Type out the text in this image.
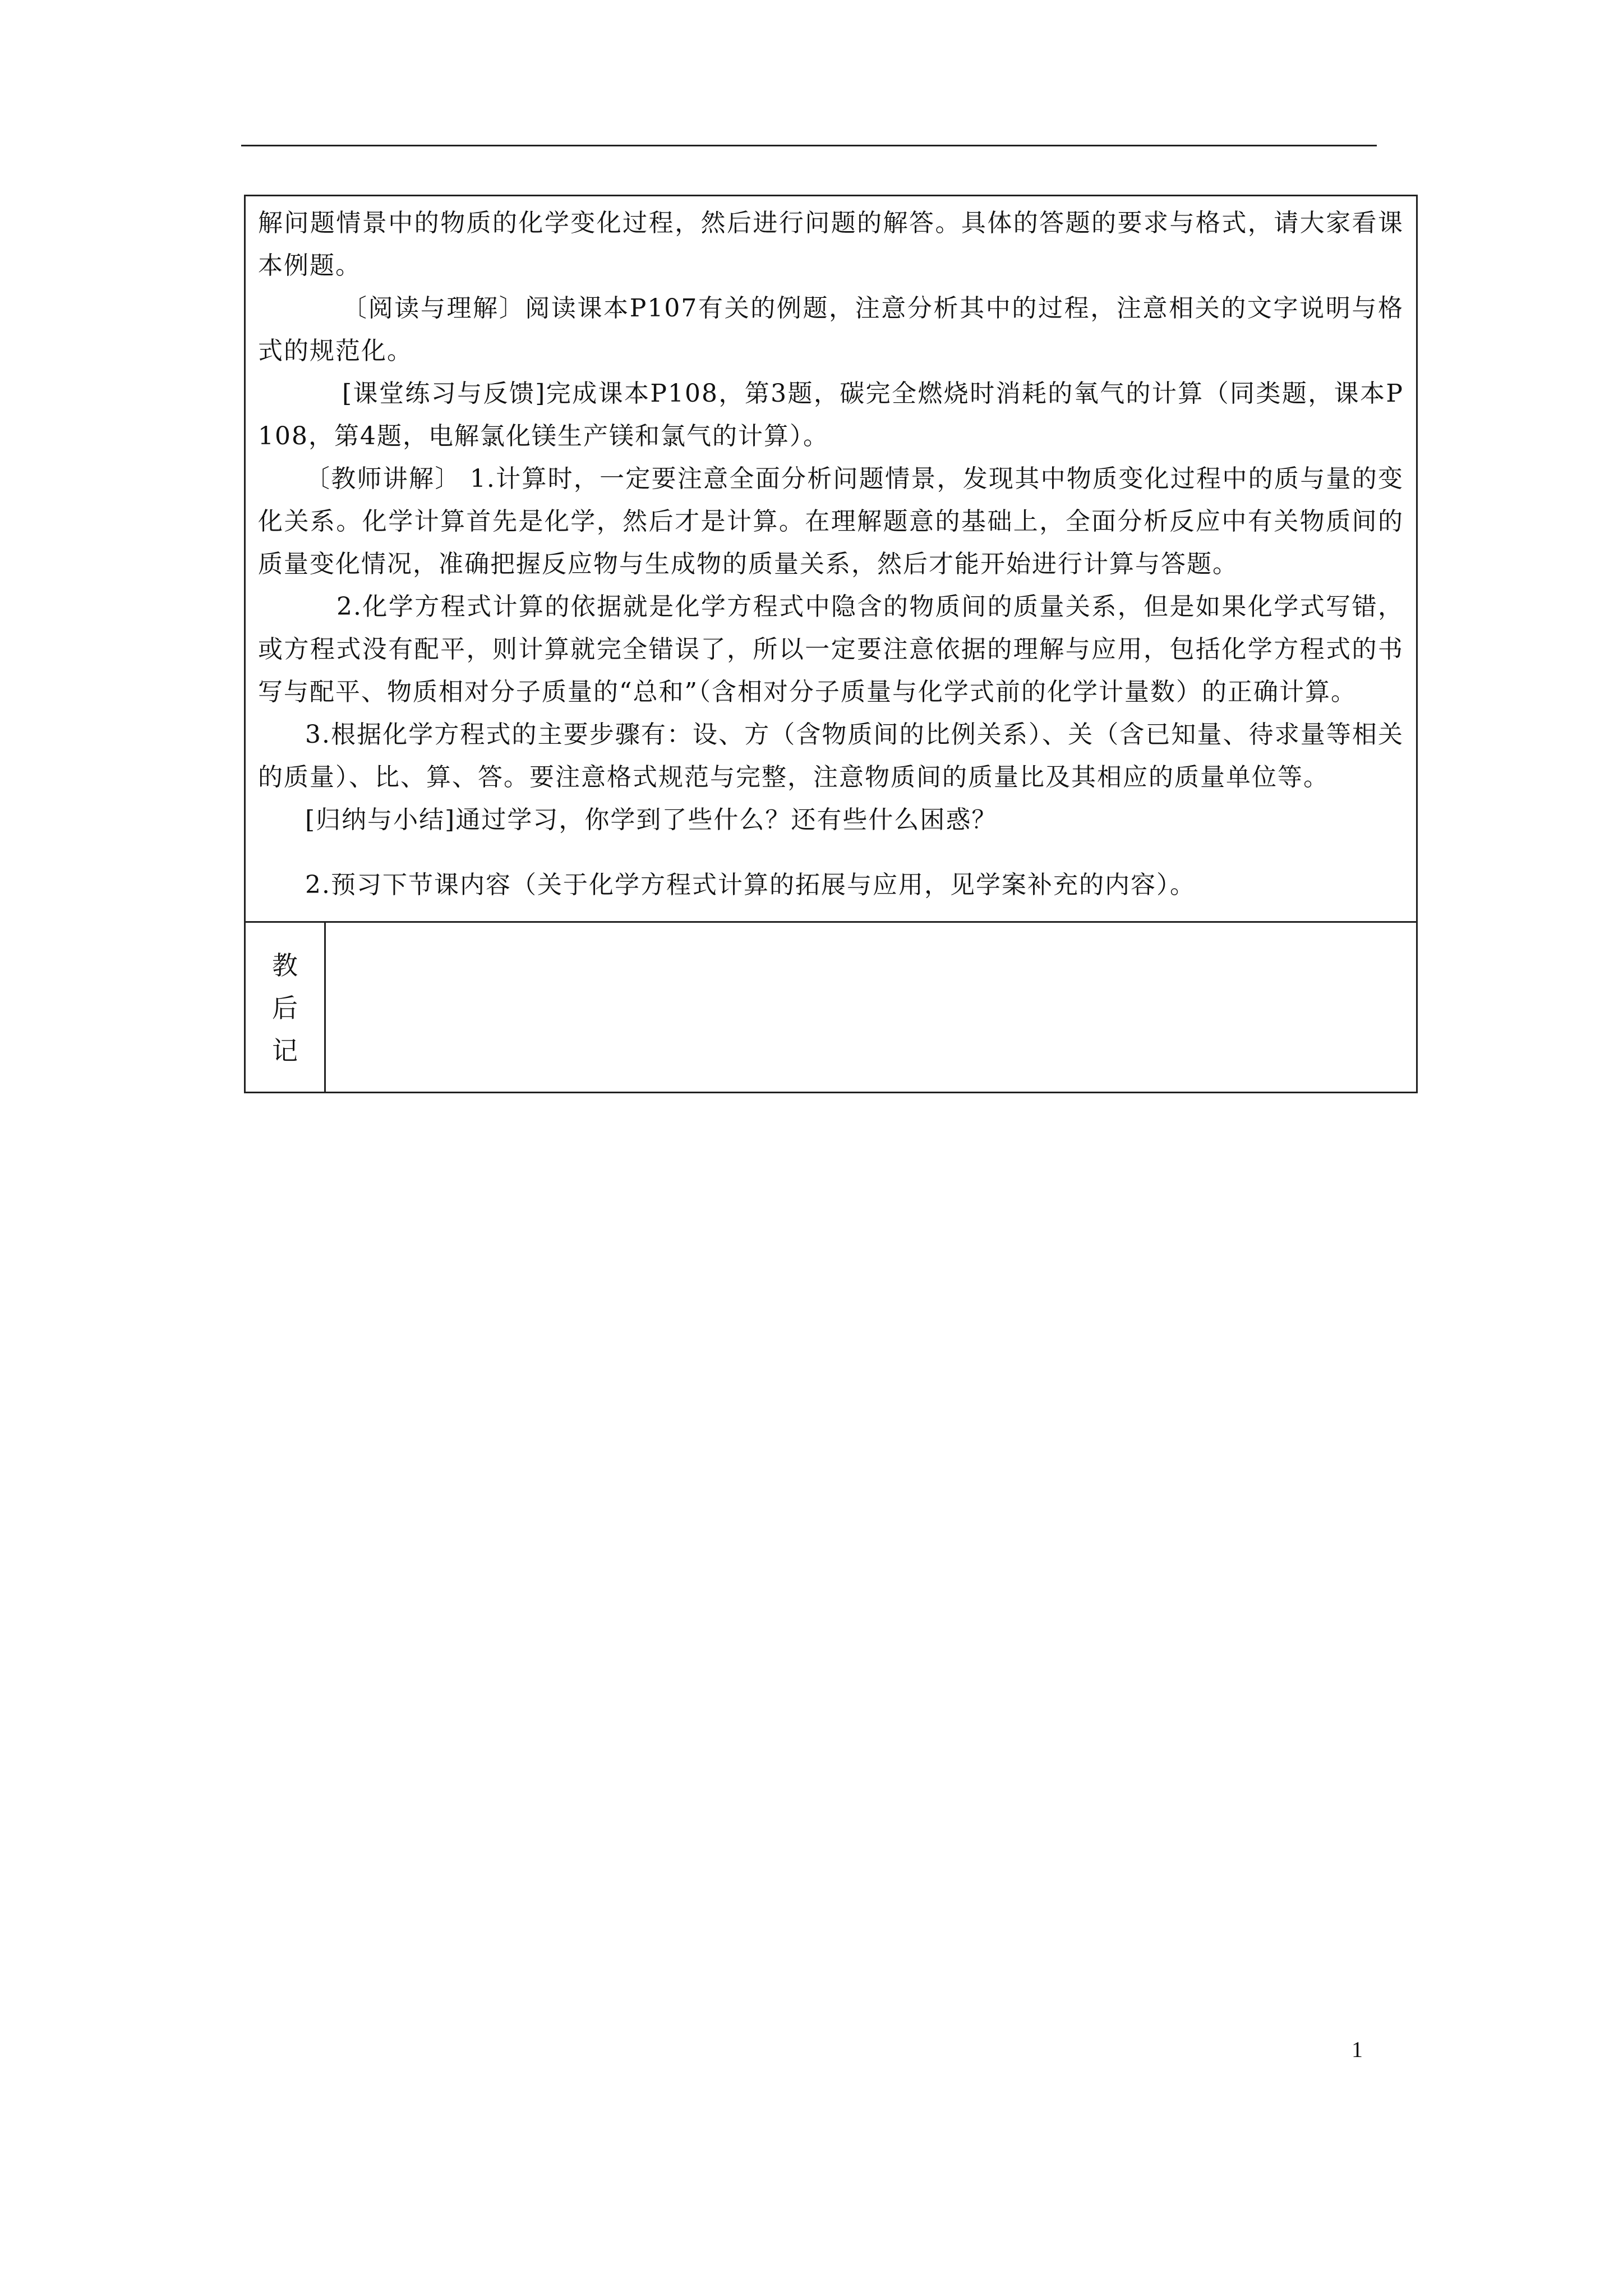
解问题情景中的物质的化学变化过程，然后进行问题的解答。具体的答题的要求与格式，请大家看课本例题。

〔阅读与理解〕阅读课本P107有关的例题，注意分析其中的过程，注意相关的文字说明与格式的规范化。

[课堂练习与反馈]完成课本P108，第3题，碳完全燃烧时消耗的氧气的计算（同类题，课本P108，第4题，电解氯化镁生产镁和氯气的计算）。

〔教师讲解〕 1.计算时，一定要注意全面分析问题情景，发现其中物质变化过程中的质与量的变化关系。化学计算首先是化学，然后才是计算。在理解题意的基础上，全面分析反应中有关物质间的质量变化情况，准确把握反应物与生成物的质量关系，然后才能开始进行计算与答题。

2.化学方程式计算的依据就是化学方程式中隐含的物质间的质量关系，但是如果化学式写错，或方程式没有配平，则计算就完全错误了，所以一定要注意依据的理解与应用，包括化学方程式的书写与配平、物质相对分子质量的“总和”（含相对分子质量与化学式前的化学计量数）的正确计算。

3.根据化学方程式的主要步骤有：设、方（含物质间的比例关系）、关（含已知量、待求量等相关的质量）、比、算、答。要注意格式规范与完整，注意物质间的质量比及其相应的质量单位等。

[归纳与小结]通过学习，你学到了些什么？还有些什么困惑？

2.预习下节课内容（关于化学方程式计算的拓展与应用，见学案补充的内容）。

教
后
记
1
